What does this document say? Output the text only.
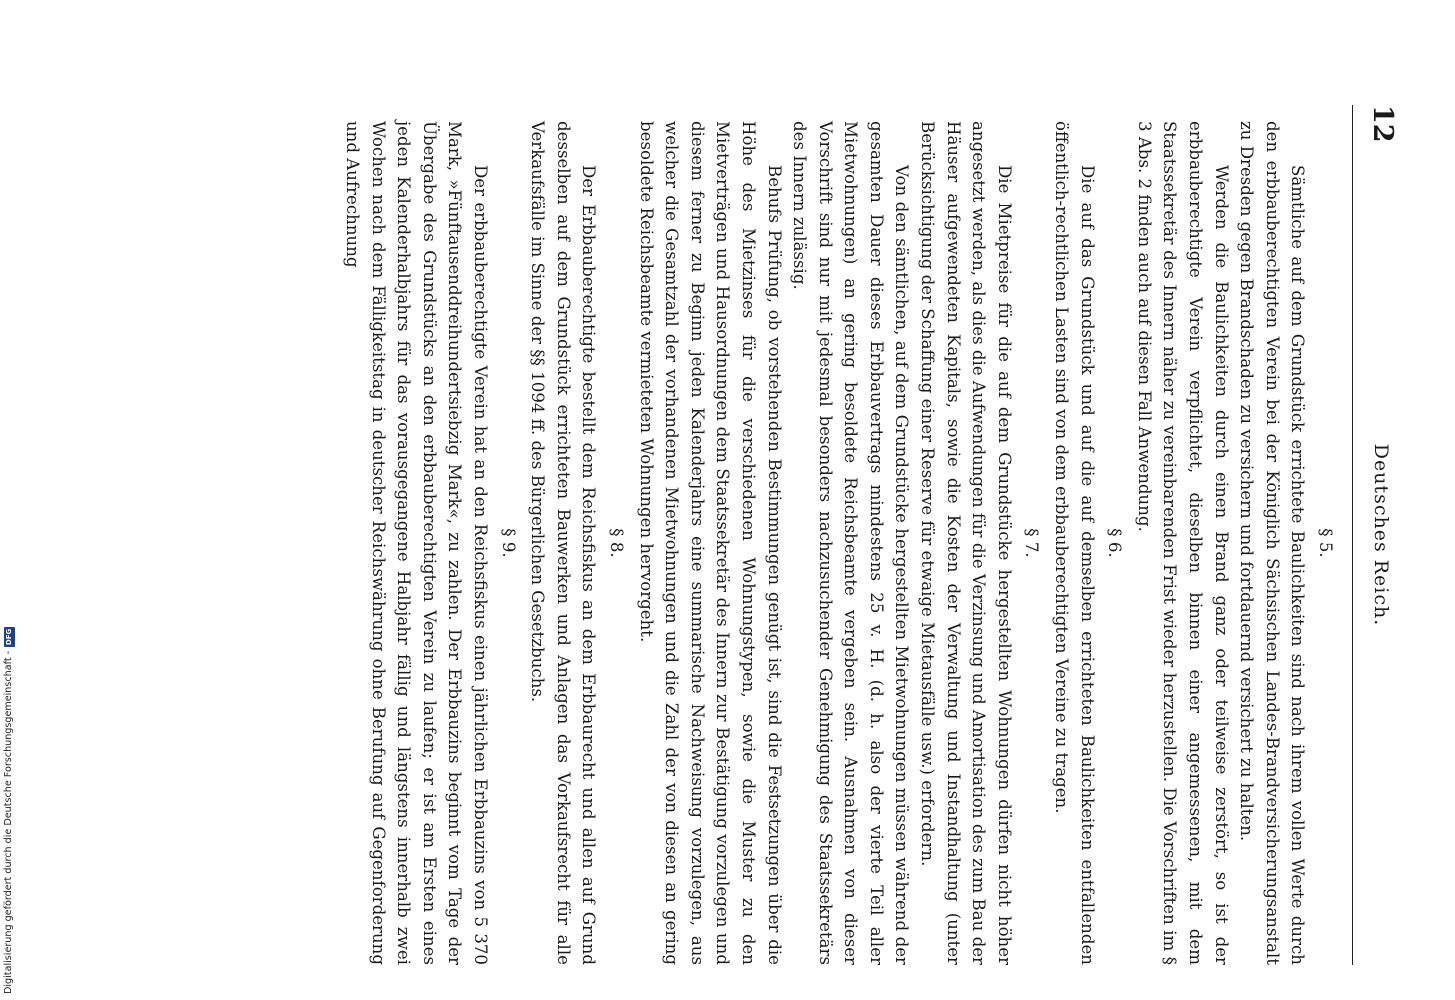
12
Deutsches Reich.
§ 5.

Sämtliche auf dem Grundstück errichtete Baulichkeiten sind nach ihrem vollen Werte durch den erbbauberechtigten Verein bei der Königlich Sächsischen Landes-Brandversicherungsanstalt zu Dresden gegen Brandschaden zu versichern und fortdauernd versichert zu halten.

Werden die Baulichkeiten durch einen Brand ganz oder teilweise zerstört, so ist der erbbauberechtigte Verein verpflichtet, dieselben binnen einer angemessenen, mit dem Staatssekretär des Innern näher zu vereinbarenden Frist wieder herzustellen. Die Vorschriften im § 3 Abs. 2 finden auch auf diesen Fall Anwendung.

§ 6.

Die auf das Grundstück und auf die auf demselben errichteten Baulichkeiten entfallenden öffentlich-rechtlichen Lasten sind von dem erbbauberechtigten Vereine zu tragen.

§ 7.

Die Mietpreise für die auf dem Grundstücke hergestellten Wohnungen dürfen nicht höher angesetzt werden, als dies die Aufwendungen für die Verzinsung und Amortisation des zum Bau der Häuser aufgewendeten Kapitals, sowie die Kosten der Verwaltung und Instandhaltung (unter Berücksichtigung der Schaffung einer Reserve für etwaige Mietausfälle usw.) erfordern.

Von den sämtlichen, auf dem Grundstücke hergestellten Mietwohnungen müssen während der gesamten Dauer dieses Erbbauvertrags mindestens 25 v. H. (d. h. also der vierte Teil aller Mietwohnungen) an gering besoldete Reichsbeamte vergeben sein. Ausnahmen von dieser Vorschrift sind nur mit jedesmal besonders nachzusuchender Genehmigung des Staatssekretärs des Innern zulässig.

Behufs Prüfung, ob vorstehenden Bestimmungen genügt ist, sind die Festsetzungen über die Höhe des Mietzinses für die verschiedenen Wohnungstypen, sowie die Muster zu den Mietverträgen und Hausordnungen dem Staatssekretär des Innern zur Bestätigung vorzulegen und diesem ferner zu Beginn jeden Kalenderjahrs eine summarische Nachweisung vorzulegen, aus welcher die Gesamtzahl der vorhandenen Mietwohnungen und die Zahl der von diesen an gering besoldete Reichsbeamte vermieteten Wohnungen hervorgeht.

§ 8.

Der Erbbauberechtigte bestellt dem Reichsfiskus an dem Erbbaurecht und allen auf Grund desselben auf dem Grundstück errichteten Bauwerken und Anlagen das Vorkaufsrecht für alle Verkaufsfälle im Sinne der §§ 1094 ff. des Bürgerlichen Gesetzbuchs.

§ 9.

Der erbbauberechtigte Verein hat an den Reichsfiskus einen jährlichen Erbbauzins von 5 370 Mark, »Fünftausenddreihundertsiebzig Mark«, zu zahlen. Der Erbbauzins beginnt vom Tage der Übergabe des Grundstücks an den erbbauberechtigten Verein zu laufen; er ist am Ersten eines jeden Kalenderhalbjahrs für das vorausgegangene Halbjahr fällig und längstens innerhalb zwei Wochen nach dem Fälligkeitstag in deutscher Reichswährung ohne Berufung auf Gegenforderung und Aufrechnung

Digitalisierung gefördert durch die Deutsche Forschungsgemeinschaft -
DFG
